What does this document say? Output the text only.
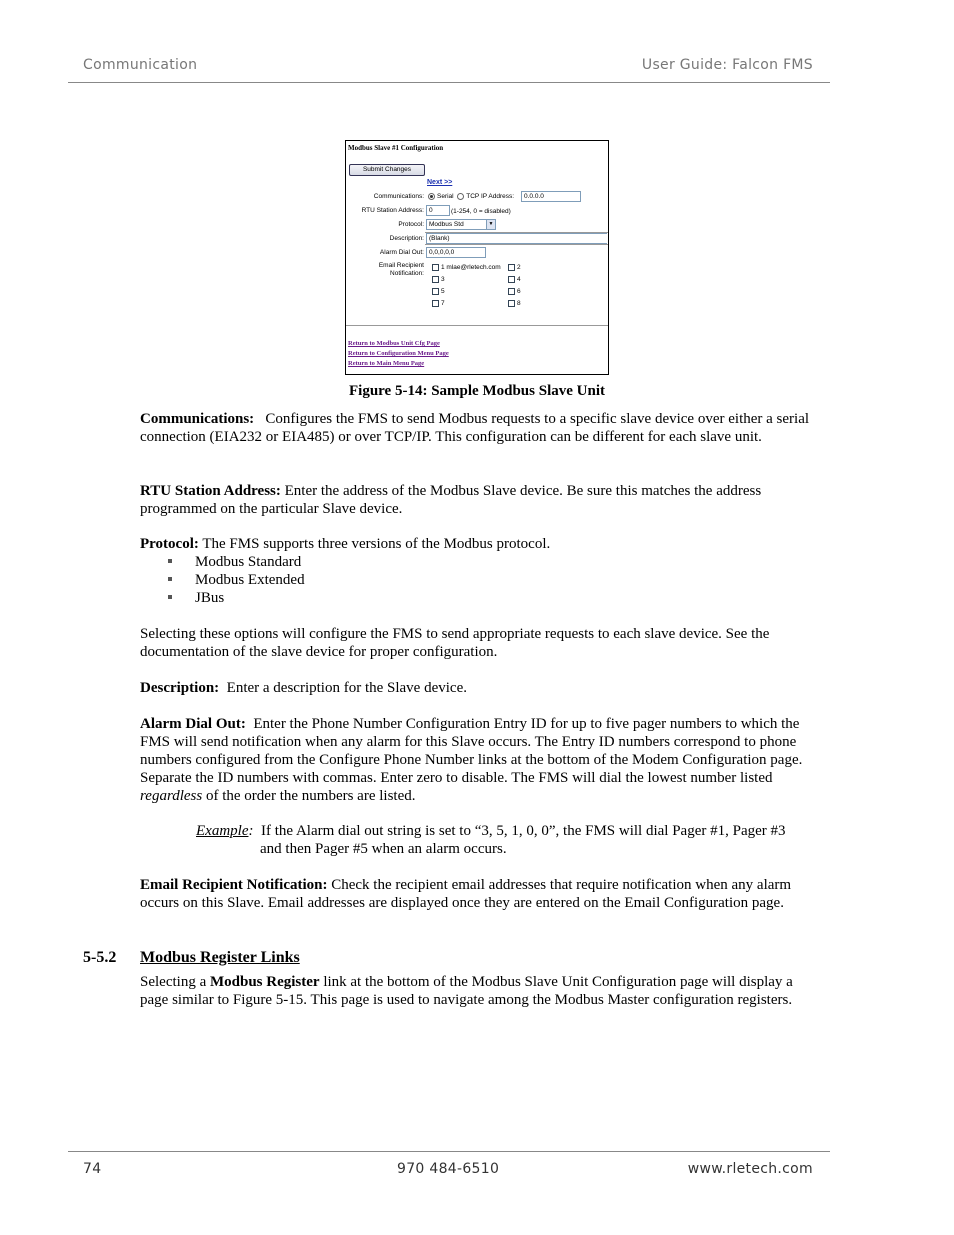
Communication	User Guide: Falcon FMS
Modbus Slave #1 Configuration
Submit Changes
Next >>
Communications:	Serial TCP IP Address:	0.0.0.0
RTU Station Address: 0	(1-254, 0 = disabled)
Protocol: Modbus Std	▼
Description: (Blank)
Alarm Dial Out: 0,0,0,0,0
Email Recipient
Notification:
1 mlae@rletech.com	2
3	4
5	6
7	8
Return to Modbus Unit Cfg Page
Return to Configuration Menu Page
Return to Main Menu Page
Figure 5-14: Sample Modbus Slave Unit
Communications: Configures the FMS to send Modbus requests to a specific slave device over either a serial connection (EIA232 or EIA485) or over TCP/IP. This configuration can be different for each slave unit.
RTU Station Address: Enter the address of the Modbus Slave device. Be sure this matches the address programmed on the particular Slave device.
Protocol: The FMS supports three versions of the Modbus protocol.
Modbus Standard
Modbus Extended
JBus
Selecting these options will configure the FMS to send appropriate requests to each slave device. See the documentation of the slave device for proper configuration.
Description: Enter a description for the Slave device.
Alarm Dial Out: Enter the Phone Number Configuration Entry ID for up to five pager numbers to which the FMS will send notification when any alarm for this Slave occurs. The Entry ID numbers correspond to phone numbers configured from the Configure Phone Number links at the bottom of the Modem Configuration page. Separate the ID numbers with commas. Enter zero to disable. The FMS will dial the lowest number listed regardless of the order the numbers are listed.
Example: If the Alarm dial out string is set to “3, 5, 1, 0, 0”, the FMS will dial Pager #1, Pager #3
and then Pager #5 when an alarm occurs.
Email Recipient Notification: Check the recipient email addresses that require notification when any alarm occurs on this Slave. Email addresses are displayed once they are entered on the Email Configuration page.
5-5.2 Modbus Register Links
Selecting a Modbus Register link at the bottom of the Modbus Slave Unit Configuration page will display a page similar to Figure 5-15. This page is used to navigate among the Modbus Master configuration registers.
74	970 484-6510	www.rletech.com
